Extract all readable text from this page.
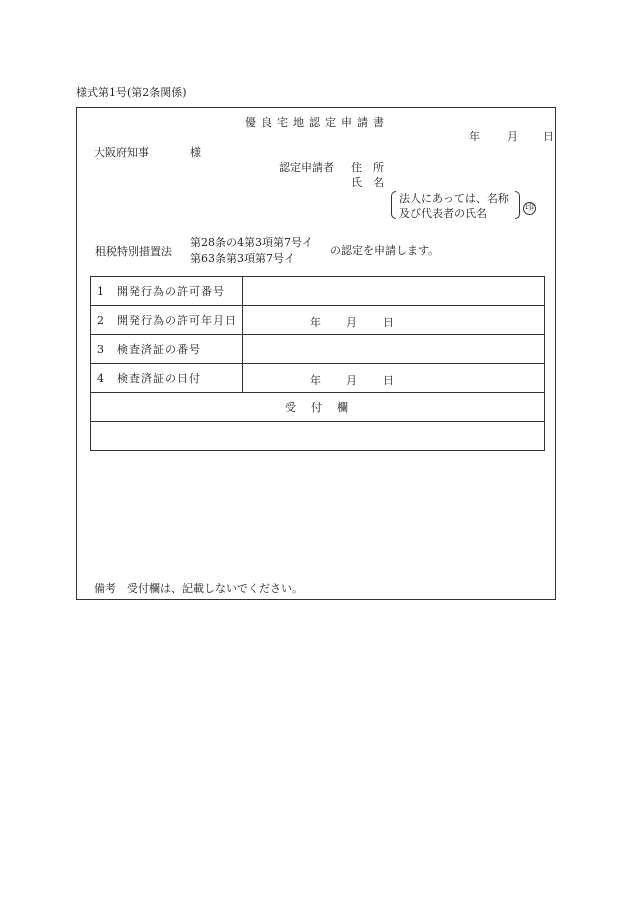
様式第1号(第2条関係)
優良宅地認定申請書
年 月 日
大阪府知事	様
認定申請者 住　所
氏　名
法人にあっては、名称
及び代表者の氏名	印
租税特別措置法
第28条の4第3項第7号イ
第63条第3項第7号イ
の認定を申請します。
1　開発行為の許可番号	
2　開発行為の許可年月日	年 月 日

3　検査済証の番号	
4　検査済証の日付	年 月 日

受　付　欄	

備考　受付欄は、記載しないでください。
